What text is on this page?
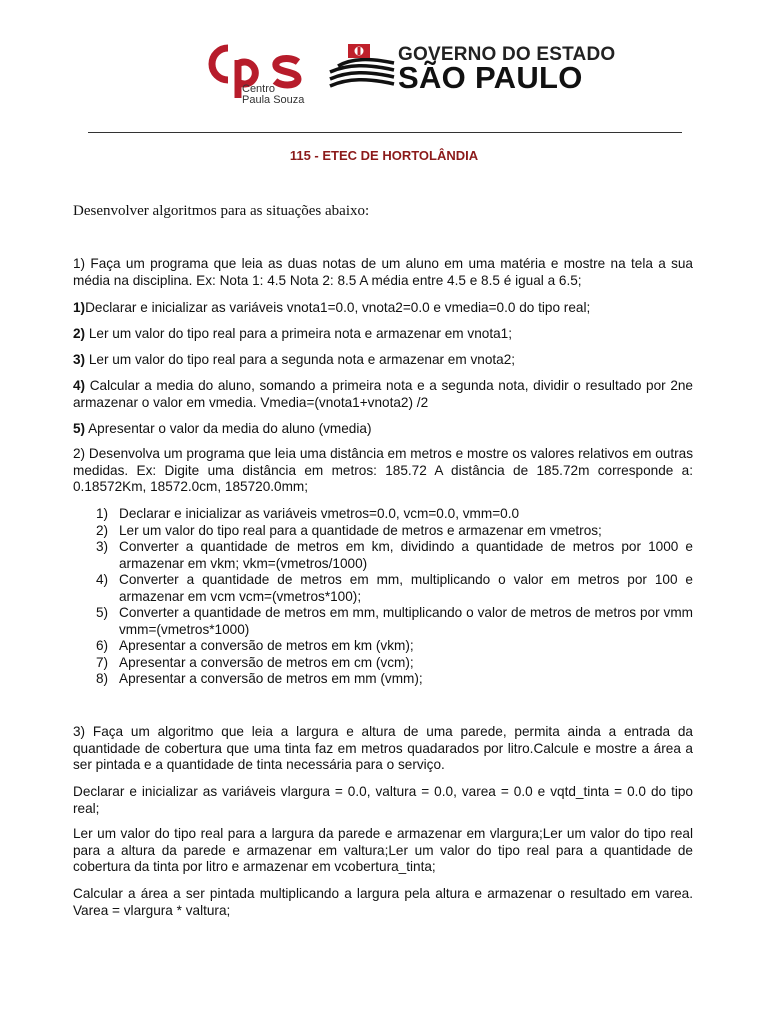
Centro
Paula Souza
GOVERNO DO ESTADO
SÃO PAULO
115 - ETEC DE HORTOLÂNDIA
Desenvolver algoritmos para as situações abaixo:

1) Faça um programa que leia as duas notas de um aluno em uma matéria e mostre na tela a sua média na disciplina. Ex: Nota 1: 4.5 Nota 2: 8.5 A média entre 4.5 e 8.5 é igual a 6.5;

1)Declarar e inicializar as variáveis vnota1=0.0, vnota2=0.0 e vmedia=0.0 do tipo real;

2) Ler um valor do tipo real para a primeira nota e armazenar em vnota1;

3) Ler um valor do tipo real para a segunda nota e armazenar em vnota2;

4) Calcular a media do aluno, somando a primeira nota e a segunda nota, dividir o resultado por 2ne armazenar o valor em vmedia. Vmedia=(vnota1+vnota2) /2

5) Apresentar o valor da media do aluno (vmedia)

2) Desenvolva um programa que leia uma distância em metros e mostre os valores relativos em outras medidas. Ex: Digite uma distância em metros: 185.72 A distância de 185.72m corresponde a: 0.18572Km, 18572.0cm, 185720.0mm;

1) Declarar e inicializar as variáveis vmetros=0.0, vcm=0.0, vmm=0.0
2) Ler um valor do tipo real para a quantidade de metros e armazenar em vmetros;
3) Converter a quantidade de metros em km, dividindo a quantidade de metros por 1000 e armazenar em vkm; vkm=(vmetros/1000)
4) Converter a quantidade de metros em mm, multiplicando o valor em metros por 100 e armazenar em vcm vcm=(vmetros*100);
5) Converter a quantidade de metros em mm, multiplicando o valor de metros de metros por vmm vmm=(vmetros*1000)
6) Apresentar a conversão de metros em km (vkm);
7) Apresentar a conversão de metros em cm (vcm);
8) Apresentar a conversão de metros em mm (vmm);

3) Faça um algoritmo que leia a largura e altura de uma parede, permita ainda a entrada da quantidade de cobertura que uma tinta faz em metros quadarados por litro.Calcule e mostre a área a ser pintada e a quantidade de tinta necessária para o serviço.

Declarar e inicializar as variáveis vlargura = 0.0, valtura = 0.0, varea = 0.0 e vqtd_tinta = 0.0 do tipo real;

Ler um valor do tipo real para a largura da parede e armazenar em vlargura;Ler um valor do tipo real para a altura da parede e armazenar em valtura;Ler um valor do tipo real para a quantidade de cobertura da tinta por litro e armazenar em vcobertura_tinta;

Calcular a área a ser pintada multiplicando a largura pela altura e armazenar o resultado em varea. Varea = vlargura * valtura;
